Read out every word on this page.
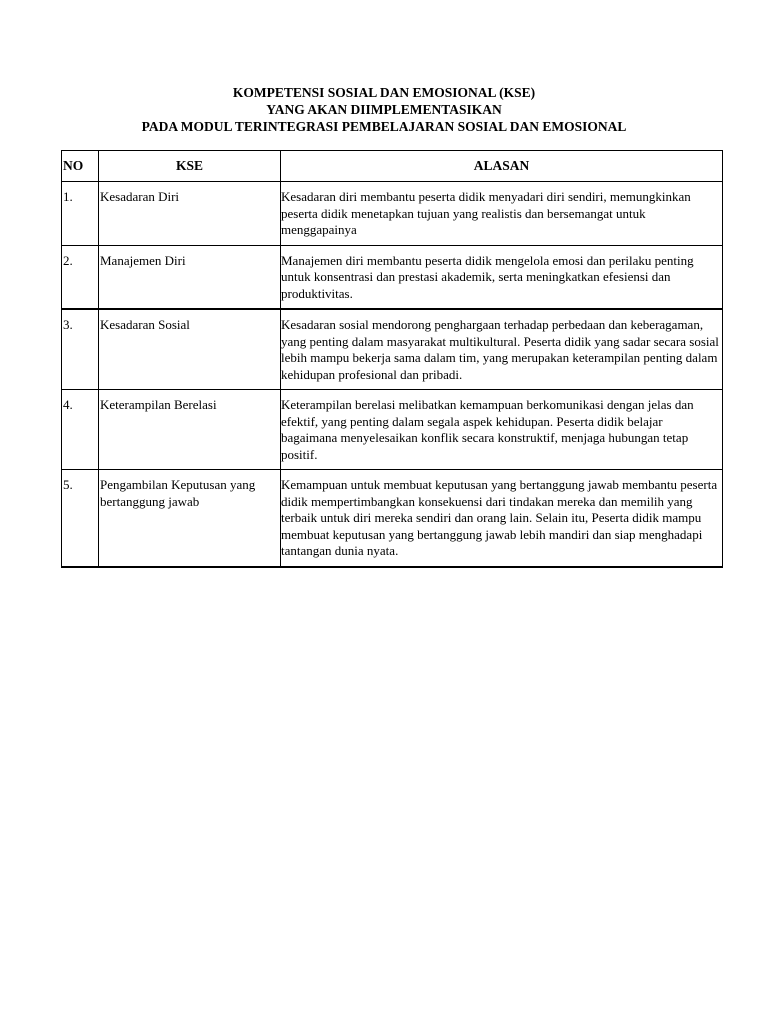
KOMPETENSI SOSIAL DAN EMOSIONAL (KSE)
YANG AKAN DIIMPLEMENTASIKAN
PADA MODUL TERINTEGRASI PEMBELAJARAN SOSIAL DAN EMOSIONAL
NO	KSE	ALASAN
1.	Kesadaran Diri	Kesadaran diri membantu peserta didik menyadari diri sendiri, memungkinkan peserta didik menetapkan tujuan yang realistis dan bersemangat untuk menggapainya
2.	Manajemen Diri	Manajemen diri membantu peserta didik mengelola emosi dan perilaku penting untuk konsentrasi dan prestasi akademik, serta meningkatkan efesiensi dan produktivitas.
3.	Kesadaran Sosial	Kesadaran sosial mendorong penghargaan terhadap perbedaan dan keberagaman, yang penting dalam masyarakat multikultural. Peserta didik yang sadar secara sosial lebih mampu bekerja sama dalam tim, yang merupakan keterampilan penting dalam kehidupan profesional dan pribadi.
4.	Keterampilan Berelasi	Keterampilan berelasi melibatkan kemampuan berkomunikasi dengan jelas dan efektif, yang penting dalam segala aspek kehidupan. Peserta didik belajar bagaimana menyelesaikan konflik secara konstruktif, menjaga hubungan tetap positif.
5.	Pengambilan Keputusan yang bertanggung jawab	Kemampuan untuk membuat keputusan yang bertanggung jawab membantu peserta didik mempertimbangkan konsekuensi dari tindakan mereka dan memilih yang terbaik untuk diri mereka sendiri dan orang lain. Selain itu, Peserta didik mampu membuat keputusan yang bertanggung jawab lebih mandiri dan siap menghadapi tantangan dunia nyata.
